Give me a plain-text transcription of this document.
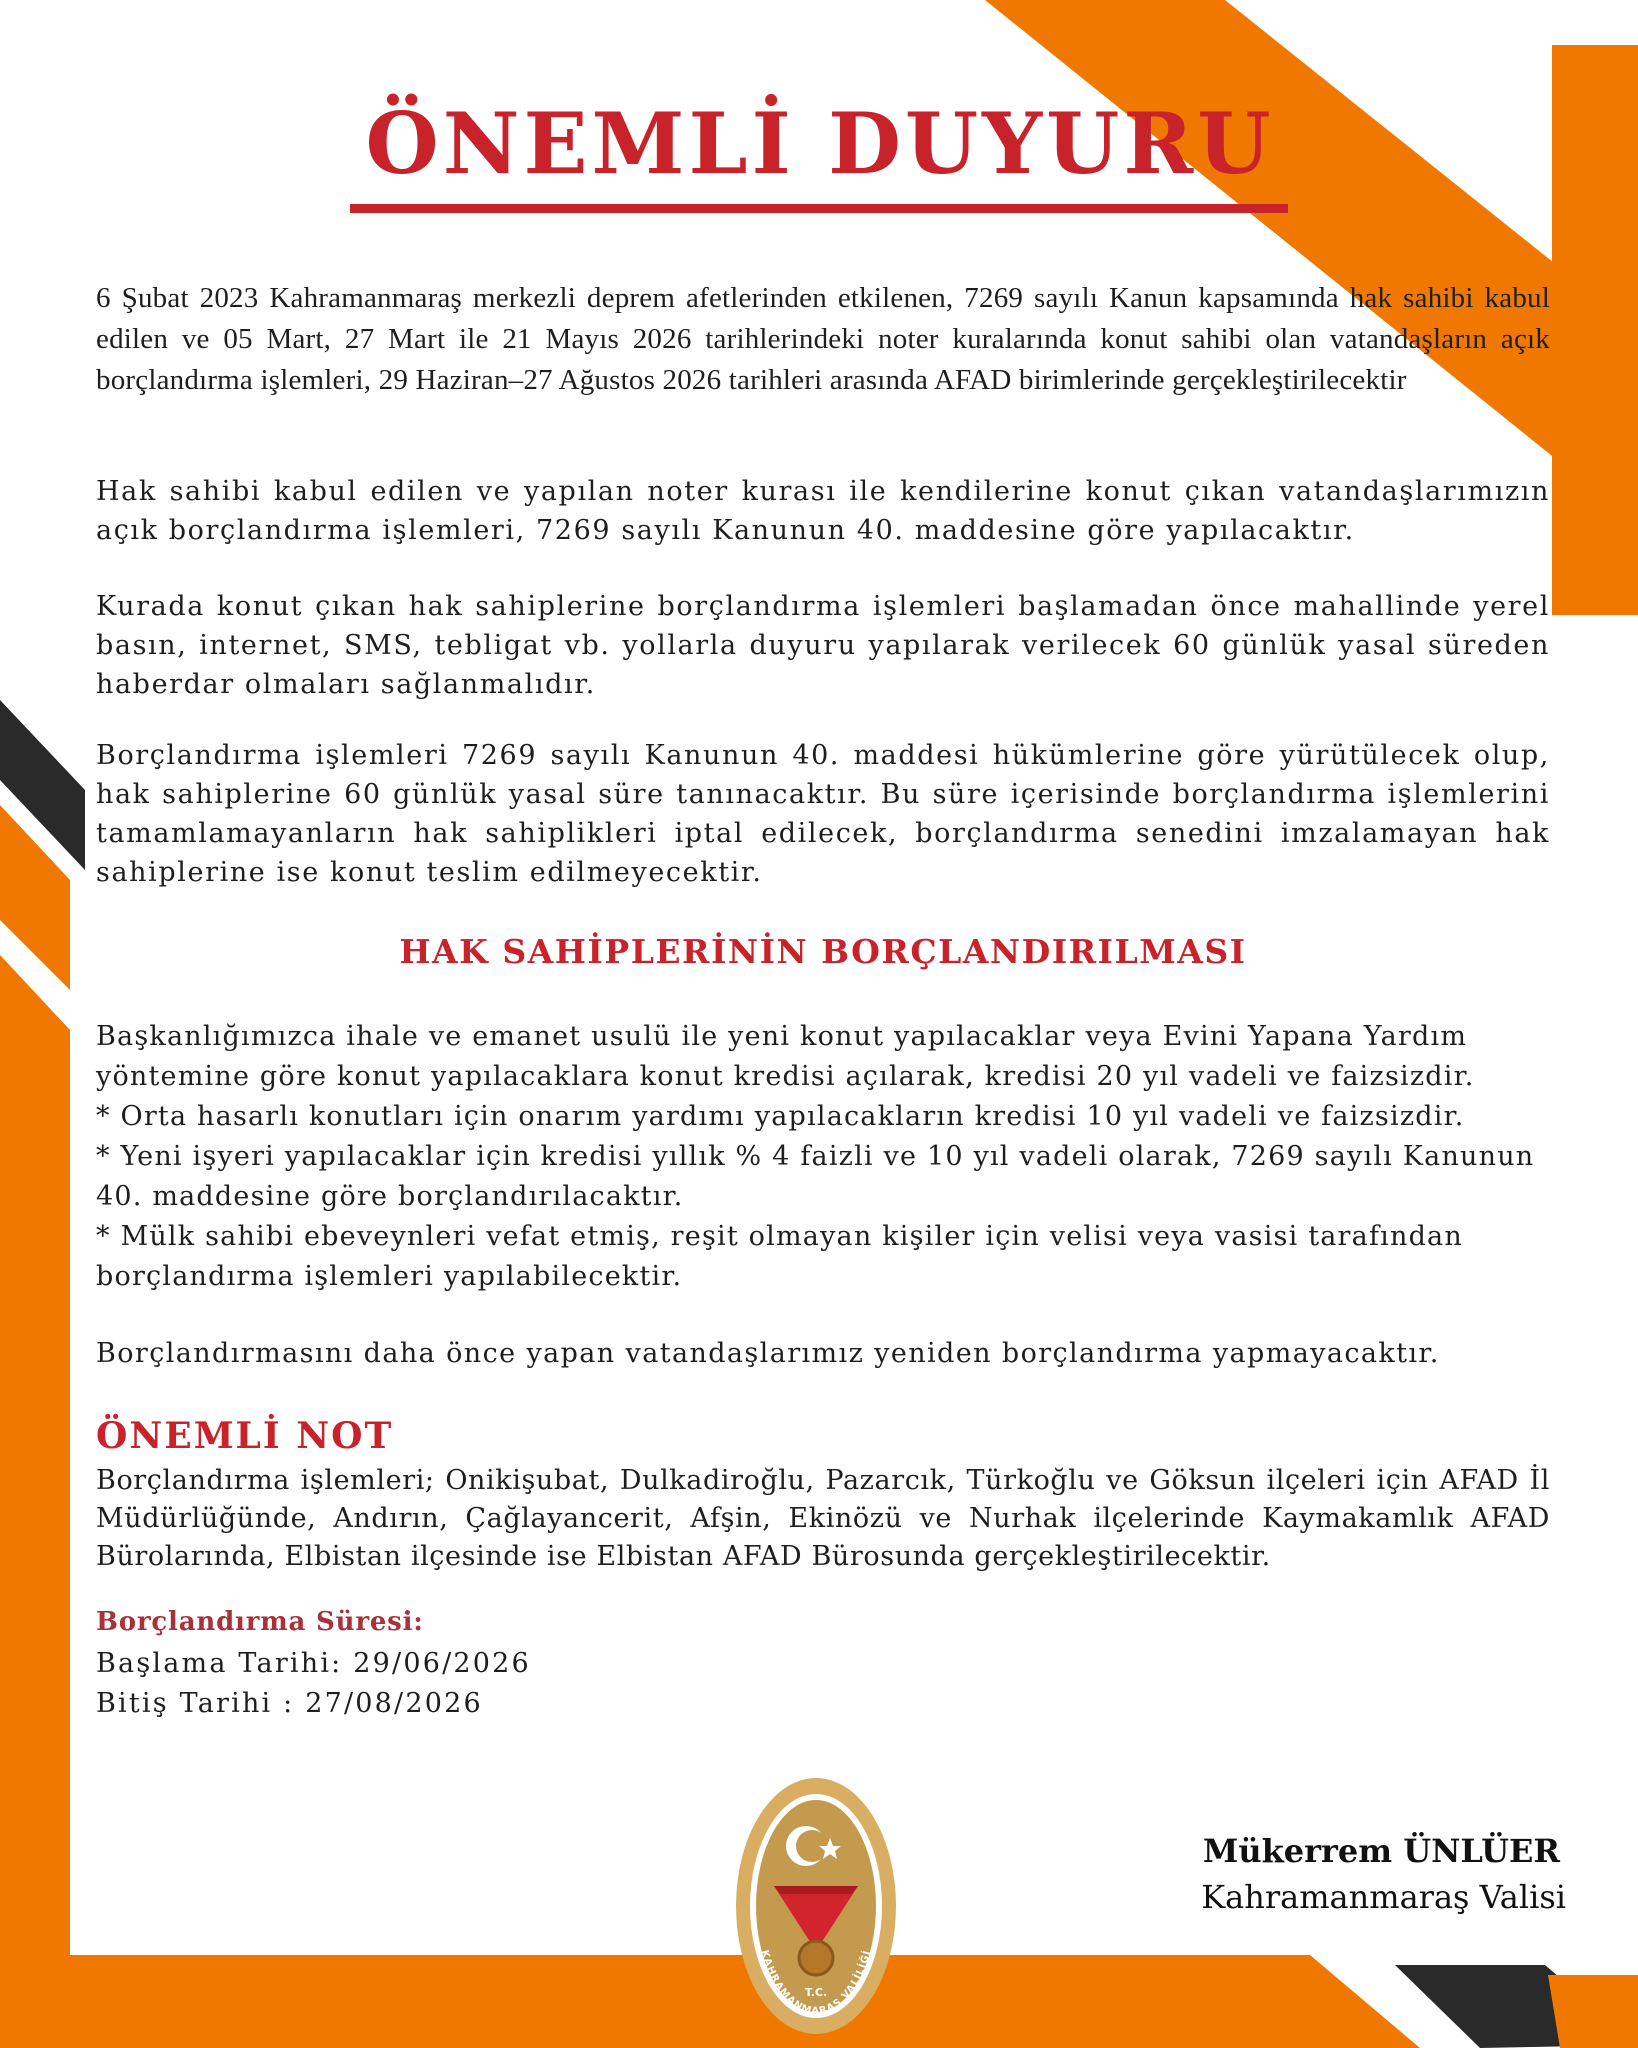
ÖNEMLİ DUYURU

6 Şubat 2023 Kahramanmaraş merkezli deprem afetlerinden etkilenen, 7269 sayılı Kanun kapsamında hak sahibi kabul edilen ve 05 Mart, 27 Mart ile 21 Mayıs 2026 tarihlerindeki noter kuralarında konut sahibi olan vatandaşların açık borçlandırma işlemleri, 29 Haziran–27 Ağustos 2026 tarihleri arasında AFAD birimlerinde gerçekleştirilecektir

Hak sahibi kabul edilen ve yapılan noter kurası ile kendilerine konut çıkan vatandaşlarımızın açık borçlandırma işlemleri, 7269 sayılı Kanunun 40. maddesine göre yapılacaktır.

Kurada konut çıkan hak sahiplerine borçlandırma işlemleri başlamadan önce mahallinde yerel basın, internet, SMS, tebligat vb. yollarla duyuru yapılarak verilecek 60 günlük yasal süreden haberdar olmaları sağlanmalıdır.

Borçlandırma işlemleri 7269 sayılı Kanunun 40. maddesi hükümlerine göre yürütülecek olup, hak sahiplerine 60 günlük yasal süre tanınacaktır. Bu süre içerisinde borçlandırma işlemlerini tamamlamayanların hak sahiplikleri iptal edilecek, borçlandırma senedini imzalamayan hak sahiplerine ise konut teslim edilmeyecektir.

HAK SAHİPLERİNİN BORÇLANDIRILMASI
Başkanlığımızca ihale ve emanet usulü ile yeni konut yapılacaklar veya Evini Yapana Yardım yöntemine göre konut yapılacaklara konut kredisi açılarak, kredisi 20 yıl vadeli ve faizsizdir.
* Orta hasarlı konutları için onarım yardımı yapılacakların kredisi 10 yıl vadeli ve faizsizdir.
* Yeni işyeri yapılacaklar için kredisi yıllık % 4 faizli ve 10 yıl vadeli olarak, 7269 sayılı Kanunun 40. maddesine göre borçlandırılacaktır.
* Mülk sahibi ebeveynleri vefat etmiş, reşit olmayan kişiler için velisi veya vasisi tarafından borçlandırma işlemleri yapılabilecektir.

Borçlandırmasını daha önce yapan vatandaşlarımız yeniden borçlandırma yapmayacaktır.

ÖNEMLİ NOT

Borçlandırma işlemleri; Onikişubat, Dulkadiroğlu, Pazarcık, Türkoğlu ve Göksun ilçeleri için AFAD İl Müdürlüğünde, Andırın, Çağlayancerit, Afşin, Ekinözü ve Nurhak ilçelerinde Kaymakamlık AFAD Bürolarında, Elbistan ilçesinde ise Elbistan AFAD Bürosunda gerçekleştirilecektir.

Borçlandırma Süresi:
Başlama Tarihi: 29/06/2026
Bitiş Tarihi : 27/08/2026
T.C.
KAHRAMANMARAŞ VALİLİĞİ
Mükerrem ÜNLÜER
Kahramanmaraş Valisi
